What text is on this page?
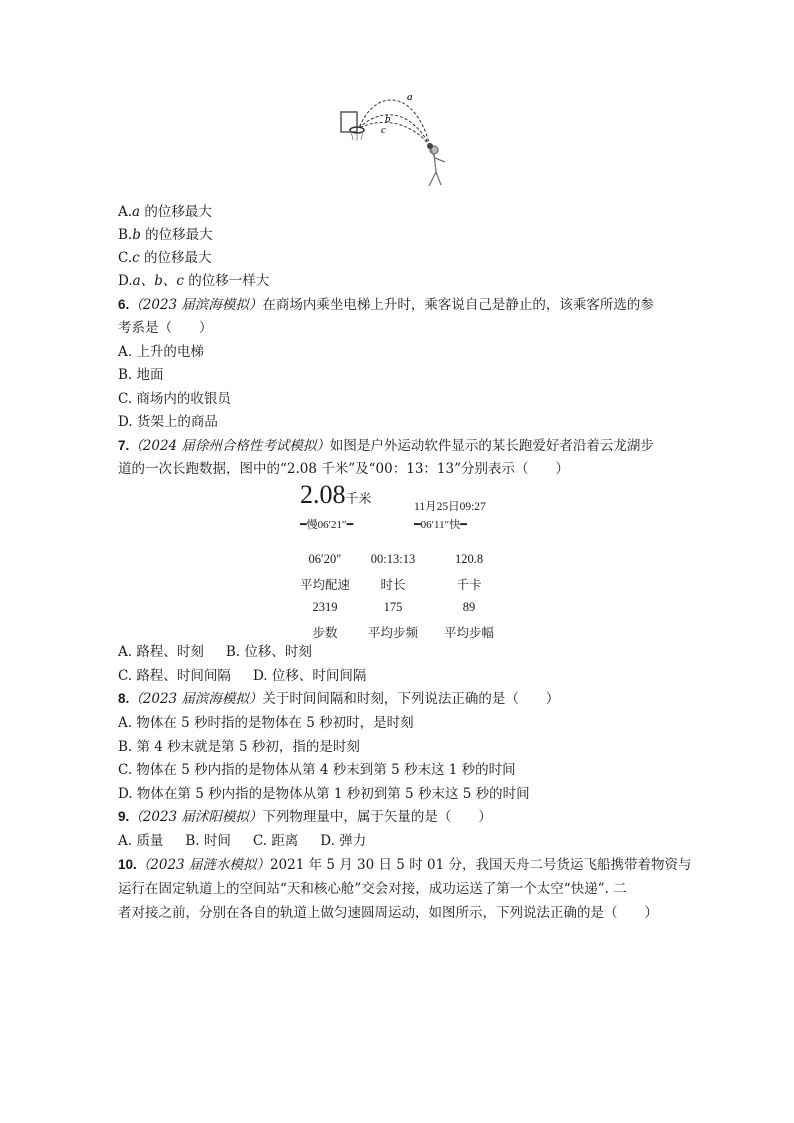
a
b
c
A.a 的位移最大
B.b 的位移最大
C.c 的位移最大
D.a、b、c 的位移一样大
6.（2023 届滨海模拟）在商场内乘坐电梯上升时，乘客说自己是静止的，该乘客所选的参
考系是（　　）
A. 上升的电梯
B. 地面
C. 商场内的收银员
D. 货架上的商品
7.（2024 届徐州合格性考试模拟）如图是户外运动软件显示的某长跑爱好者沿着云龙湖步
道的一次长跑数据，图中的“2.08 千米”及“00：13：13”分别表示（　　）
2.08千米
━慢06′21″━
11月25日09:27
━06′11″快━
06′20″	00:13:13	120.8
平均配速	时长	千卡
2319	175	89
步数	平均步频	平均步幅
A. 路程、时刻 B. 位移、时刻
C. 路程、时间间隔 D. 位移、时间间隔
8.（2023 届滨海模拟）关于时间间隔和时刻，下列说法正确的是（　　）
A. 物体在 5 秒时指的是物体在 5 秒初时，是时刻
B. 第 4 秒末就是第 5 秒初，指的是时刻
C. 物体在 5 秒内指的是物体从第 4 秒末到第 5 秒末这 1 秒的时间
D. 物体在第 5 秒内指的是物体从第 1 秒初到第 5 秒末这 5 秒的时间
9.（2023 届沭阳模拟）下列物理量中，属于矢量的是（　　）
A. 质量 B. 时间 C. 距离 D. 弹力
10.（2023 届涟水模拟）2021 年 5 月 30 日 5 时 01 分，我国天舟二号货运飞船携带着物资与
运行在固定轨道上的空间站“天和核心舱”交会对接，成功运送了第一个太空“快递”. 二
者对接之前，分别在各自的轨道上做匀速圆周运动，如图所示，下列说法正确的是（　　）
